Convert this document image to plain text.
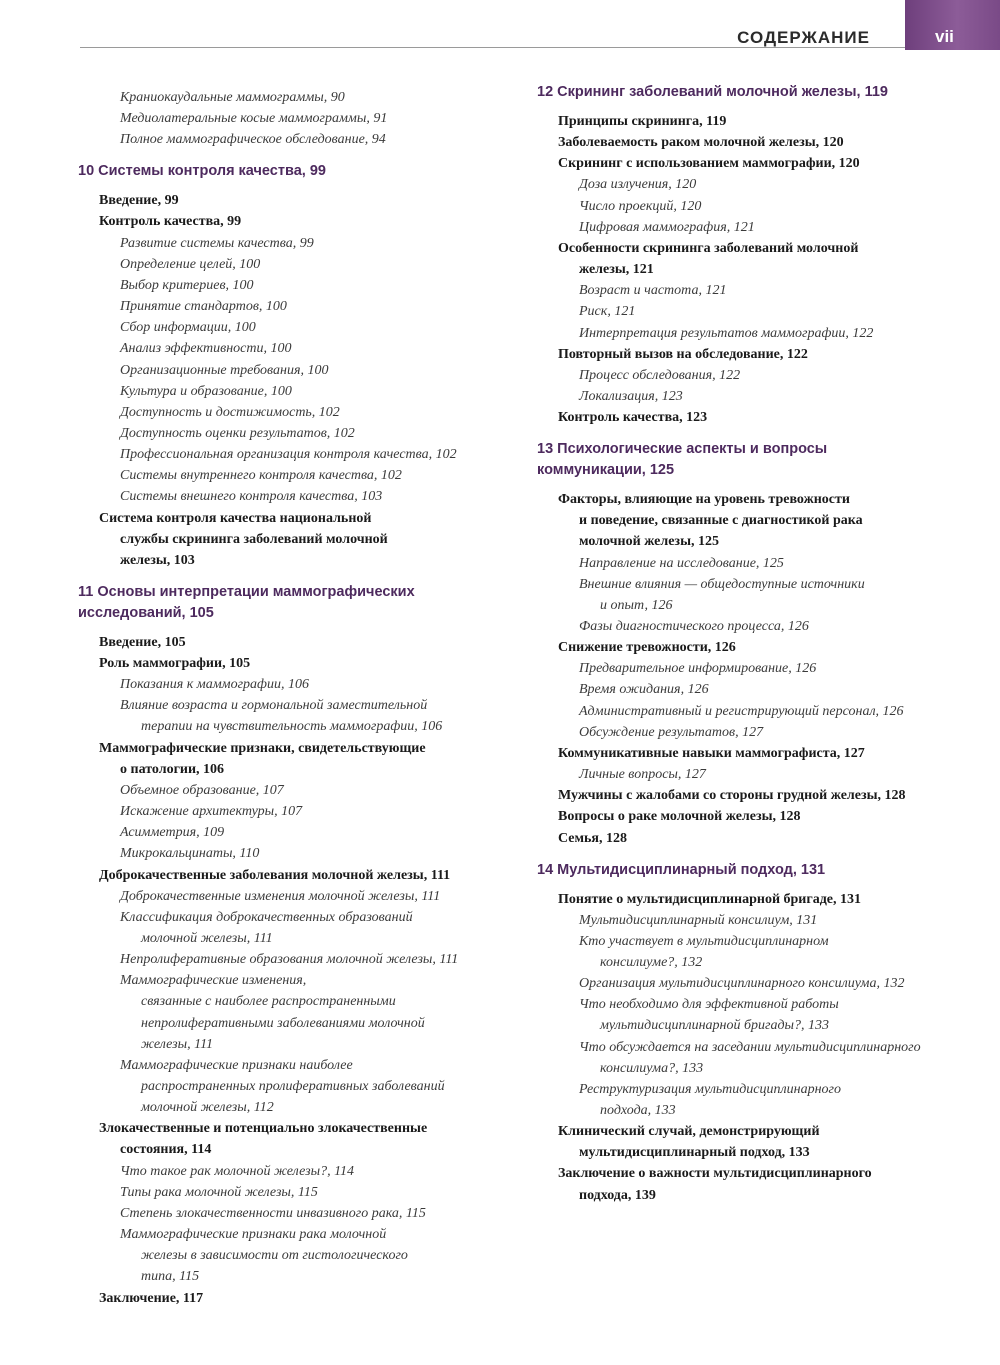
СОДЕРЖАНИЕ	vii
Краниокаудальные маммограммы, 90
Медиолатеральные косые маммограммы, 91
Полное маммографическое обследование, 94
10 Системы контроля качества, 99
Введение, 99
Контроль качества, 99
Развитие системы качества, 99
Определение целей, 100
Выбор критериев, 100
Принятие стандартов, 100
Сбор информации, 100
Анализ эффективности, 100
Организационные требования, 100
Культура и образование, 100
Доступность и достижимость, 102
Доступность оценки результатов, 102
Профессиональная организация контроля качества, 102
Системы внутреннего контроля качества, 102
Системы внешнего контроля качества, 103
Система контроля качества национальной
службы скрининга заболеваний молочной
железы, 103
11 Основы интерпретации маммографических
исследований, 105
Введение, 105
Роль маммографии, 105
Показания к маммографии, 106
Влияние возраста и гормональной заместительной
терапии на чувствительность маммографии, 106
Маммографические признаки, свидетельствующие
о патологии, 106
Объемное образование, 107
Искажение архитектуры, 107
Асимметрия, 109
Микрокальцинаты, 110
Доброкачественные заболевания молочной железы, 111
Доброкачественные изменения молочной железы, 111
Классификация доброкачественных образований
молочной железы, 111
Непролиферативные образования молочной железы, 111
Маммографические изменения,
связанные с наиболее распространенными
непролиферативными заболеваниями молочной
железы, 111
Маммографические признаки наиболее
распространенных пролиферативных заболеваний
молочной железы, 112
Злокачественные и потенциально злокачественные
состояния, 114
Что такое рак молочной железы?, 114
Типы рака молочной железы, 115
Степень злокачественности инвазивного рака, 115
Маммографические признаки рака молочной
железы в зависимости от гистологического
типа, 115
Заключение, 117
12 Скрининг заболеваний молочной железы, 119
Принципы скрининга, 119
Заболеваемость раком молочной железы, 120
Скрининг с использованием маммографии, 120
Доза излучения, 120
Число проекций, 120
Цифровая маммография, 121
Особенности скрининга заболеваний молочной
железы, 121
Возраст и частота, 121
Риск, 121
Интерпретация результатов маммографии, 122
Повторный вызов на обследование, 122
Процесс обследования, 122
Локализация, 123
Контроль качества, 123
13 Психологические аспекты и вопросы
коммуникации, 125
Факторы, влияющие на уровень тревожности
и поведение, связанные с диагностикой рака
молочной железы, 125
Направление на исследование, 125
Внешние влияния — общедоступные источники
и опыт, 126
Фазы диагностического процесса, 126
Снижение тревожности, 126
Предварительное информирование, 126
Время ожидания, 126
Административный и регистрирующий персонал, 126
Обсуждение результатов, 127
Коммуникативные навыки маммографиста, 127
Личные вопросы, 127
Мужчины с жалобами со стороны грудной железы, 128
Вопросы о раке молочной железы, 128
Семья, 128
14 Мультидисциплинарный подход, 131
Понятие о мультидисциплинарной бригаде, 131
Мультидисциплинарный консилиум, 131
Кто участвует в мультидисциплинарном
консилиуме?, 132
Организация мультидисциплинарного консилиума, 132
Что необходимо для эффективной работы
мультидисциплинарной бригады?, 133
Что обсуждается на заседании мультидисциплинарного
консилиума?, 133
Реструктуризация мультидисциплинарного
подхода, 133
Клинический случай, демонстрирующий
мультидисциплинарный подход, 133
Заключение о важности мультидисциплинарного
подхода, 139
